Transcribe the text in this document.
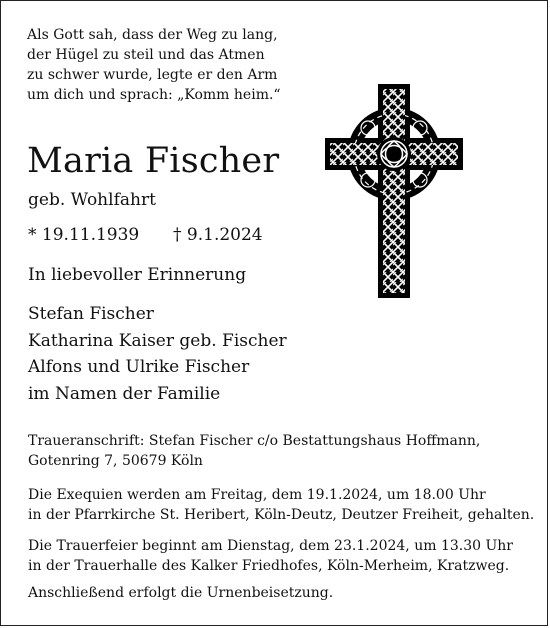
Als Gott sah, dass der Weg zu lang,
der Hügel zu steil und das Atmen
zu schwer wurde, legte er den Arm
um dich und sprach: „Komm heim.“
Maria Fischer
geb. Wohlfahrt
* 19.11.1939 † 9.1.2024
In liebevoller Erinnerung
Stefan Fischer
Katharina Kaiser geb. Fischer
Alfons und Ulrike Fischer
im Namen der Familie
Traueranschrift: Stefan Fischer c/o Bestattungshaus Hoffmann,
Gotenring 7, 50679 Köln
Die Exequien werden am Freitag, dem 19.1.2024, um 18.00 Uhr
in der Pfarrkirche St. Heribert, Köln-Deutz, Deutzer Freiheit, gehalten.
Die Trauerfeier beginnt am Dienstag, dem 23.1.2024, um 13.30 Uhr
in der Trauerhalle des Kalker Friedhofes, Köln-Merheim, Kratzweg.
Anschließend erfolgt die Urnenbeisetzung.
